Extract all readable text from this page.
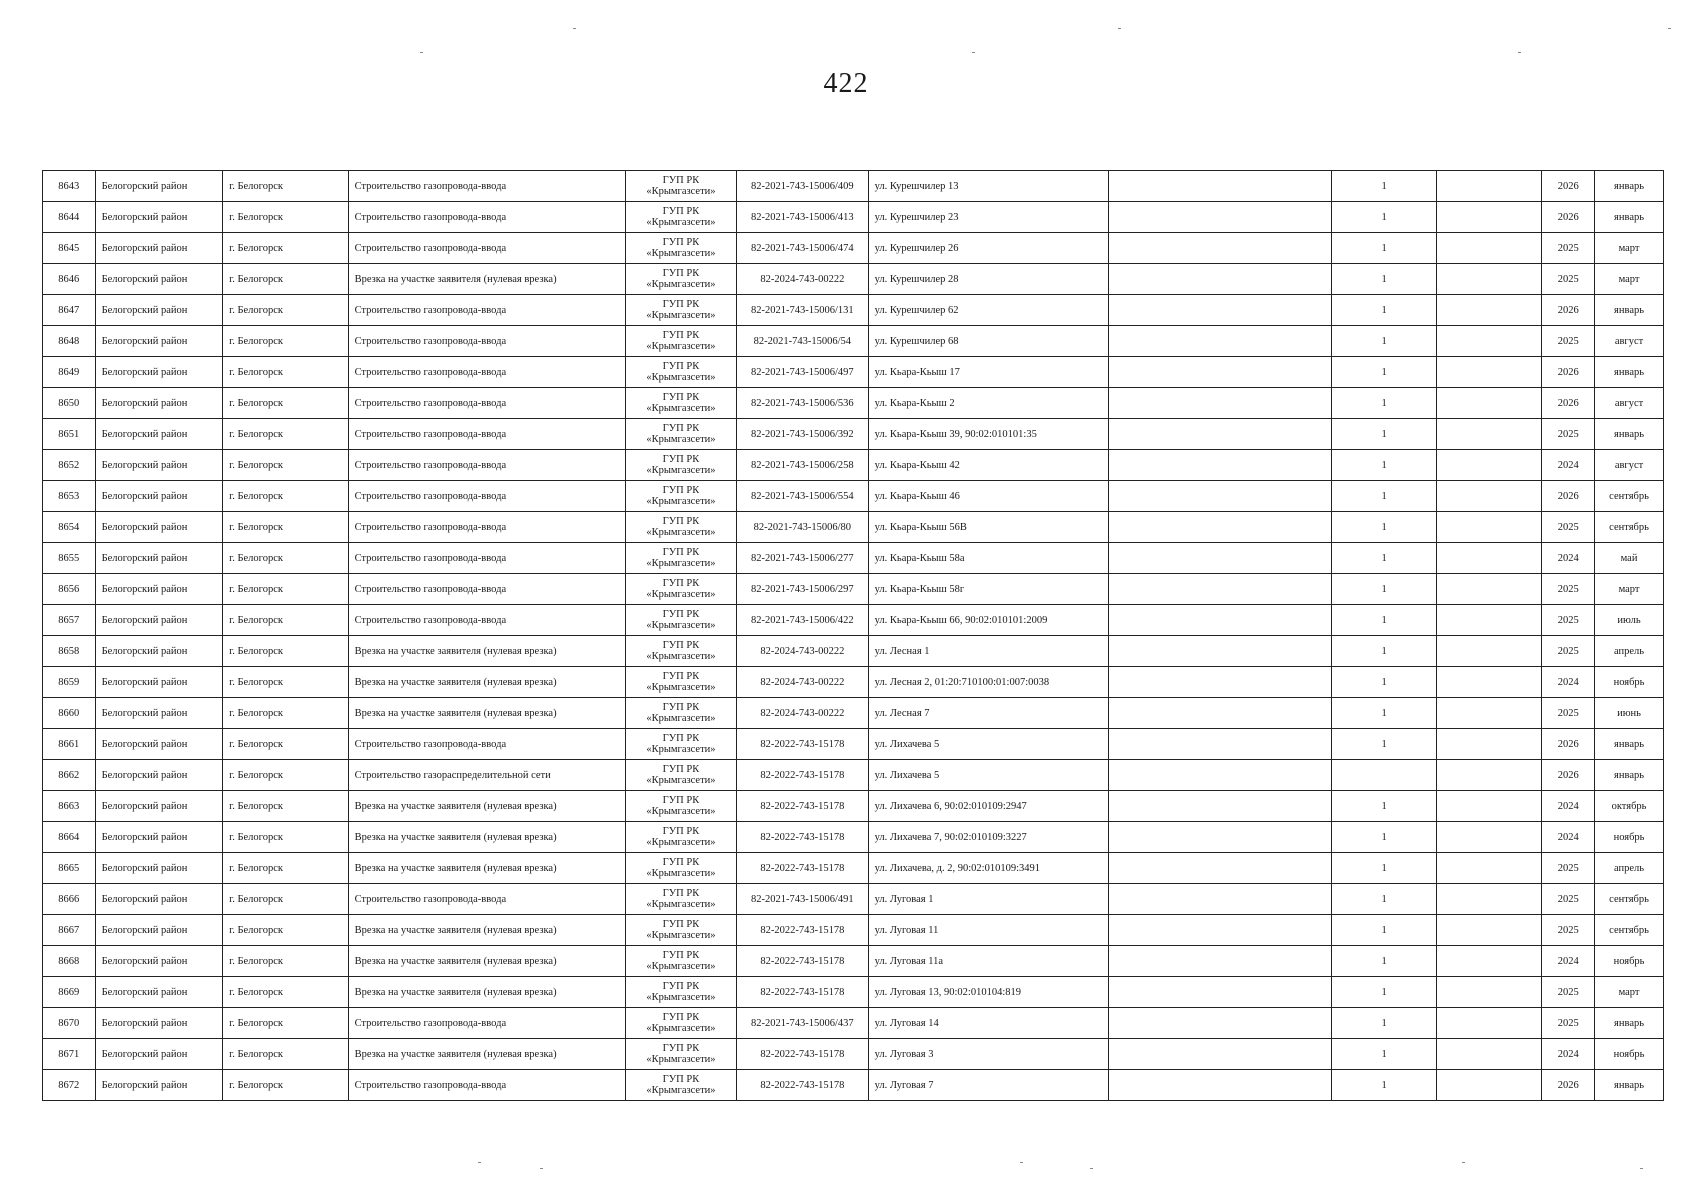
422
8643	Белогорский район	г. Белогорск	Строительство газопровода-ввода	ГУП РК
«Крымгазсети»	82-2021-743-15006/409	ул. Курешчилер 13		1		2026	январь
8644	Белогорский район	г. Белогорск	Строительство газопровода-ввода	ГУП РК
«Крымгазсети»	82-2021-743-15006/413	ул. Курешчилер 23		1		2026	январь
8645	Белогорский район	г. Белогорск	Строительство газопровода-ввода	ГУП РК
«Крымгазсети»	82-2021-743-15006/474	ул. Курешчилер 26		1		2025	март
8646	Белогорский район	г. Белогорск	Врезка на участке заявителя (нулевая врезка)	ГУП РК
«Крымгазсети»	82-2024-743-00222	ул. Курешчилер 28		1		2025	март
8647	Белогорский район	г. Белогорск	Строительство газопровода-ввода	ГУП РК
«Крымгазсети»	82-2021-743-15006/131	ул. Курешчилер 62		1		2026	январь
8648	Белогорский район	г. Белогорск	Строительство газопровода-ввода	ГУП РК
«Крымгазсети»	82-2021-743-15006/54	ул. Курешчилер 68		1		2025	август
8649	Белогорский район	г. Белогорск	Строительство газопровода-ввода	ГУП РК
«Крымгазсети»	82-2021-743-15006/497	ул. Кьара-Кьыш 17		1		2026	январь
8650	Белогорский район	г. Белогорск	Строительство газопровода-ввода	ГУП РК
«Крымгазсети»	82-2021-743-15006/536	ул. Кьара-Кьыш 2		1		2026	август
8651	Белогорский район	г. Белогорск	Строительство газопровода-ввода	ГУП РК
«Крымгазсети»	82-2021-743-15006/392	ул. Кьара-Кьыш 39, 90:02:010101:35		1		2025	январь
8652	Белогорский район	г. Белогорск	Строительство газопровода-ввода	ГУП РК
«Крымгазсети»	82-2021-743-15006/258	ул. Кьара-Кьыш 42		1		2024	август
8653	Белогорский район	г. Белогорск	Строительство газопровода-ввода	ГУП РК
«Крымгазсети»	82-2021-743-15006/554	ул. Кьара-Кьыш 46		1		2026	сентябрь
8654	Белогорский район	г. Белогорск	Строительство газопровода-ввода	ГУП РК
«Крымгазсети»	82-2021-743-15006/80	ул. Кьара-Кьыш 56В		1		2025	сентябрь
8655	Белогорский район	г. Белогорск	Строительство газопровода-ввода	ГУП РК
«Крымгазсети»	82-2021-743-15006/277	ул. Кьара-Кьыш 58а		1		2024	май
8656	Белогорский район	г. Белогорск	Строительство газопровода-ввода	ГУП РК
«Крымгазсети»	82-2021-743-15006/297	ул. Кьара-Кьыш 58г		1		2025	март
8657	Белогорский район	г. Белогорск	Строительство газопровода-ввода	ГУП РК
«Крымгазсети»	82-2021-743-15006/422	ул. Кьара-Кьыш 66, 90:02:010101:2009		1		2025	июль
8658	Белогорский район	г. Белогорск	Врезка на участке заявителя (нулевая врезка)	ГУП РК
«Крымгазсети»	82-2024-743-00222	ул. Лесная 1		1		2025	апрель
8659	Белогорский район	г. Белогорск	Врезка на участке заявителя (нулевая врезка)	ГУП РК
«Крымгазсети»	82-2024-743-00222	ул. Лесная 2, 01:20:710100:01:007:0038		1		2024	ноябрь
8660	Белогорский район	г. Белогорск	Врезка на участке заявителя (нулевая врезка)	ГУП РК
«Крымгазсети»	82-2024-743-00222	ул. Лесная 7		1		2025	июнь
8661	Белогорский район	г. Белогорск	Строительство газопровода-ввода	ГУП РК
«Крымгазсети»	82-2022-743-15178	ул. Лихачева 5		1		2026	январь
8662	Белогорский район	г. Белогорск	Строительство газораспределительной сети	ГУП РК
«Крымгазсети»	82-2022-743-15178	ул. Лихачева 5				2026	январь
8663	Белогорский район	г. Белогорск	Врезка на участке заявителя (нулевая врезка)	ГУП РК
«Крымгазсети»	82-2022-743-15178	ул. Лихачева 6, 90:02:010109:2947		1		2024	октябрь
8664	Белогорский район	г. Белогорск	Врезка на участке заявителя (нулевая врезка)	ГУП РК
«Крымгазсети»	82-2022-743-15178	ул. Лихачева 7, 90:02:010109:3227		1		2024	ноябрь
8665	Белогорский район	г. Белогорск	Врезка на участке заявителя (нулевая врезка)	ГУП РК
«Крымгазсети»	82-2022-743-15178	ул. Лихачева, д. 2, 90:02:010109:3491		1		2025	апрель
8666	Белогорский район	г. Белогорск	Строительство газопровода-ввода	ГУП РК
«Крымгазсети»	82-2021-743-15006/491	ул. Луговая 1		1		2025	сентябрь
8667	Белогорский район	г. Белогорск	Врезка на участке заявителя (нулевая врезка)	ГУП РК
«Крымгазсети»	82-2022-743-15178	ул. Луговая 11		1		2025	сентябрь
8668	Белогорский район	г. Белогорск	Врезка на участке заявителя (нулевая врезка)	ГУП РК
«Крымгазсети»	82-2022-743-15178	ул. Луговая 11а		1		2024	ноябрь
8669	Белогорский район	г. Белогорск	Врезка на участке заявителя (нулевая врезка)	ГУП РК
«Крымгазсети»	82-2022-743-15178	ул. Луговая 13, 90:02:010104:819		1		2025	март
8670	Белогорский район	г. Белогорск	Строительство газопровода-ввода	ГУП РК
«Крымгазсети»	82-2021-743-15006/437	ул. Луговая 14		1		2025	январь
8671	Белогорский район	г. Белогорск	Врезка на участке заявителя (нулевая врезка)	ГУП РК
«Крымгазсети»	82-2022-743-15178	ул. Луговая 3		1		2024	ноябрь
8672	Белогорский район	г. Белогорск	Строительство газопровода-ввода	ГУП РК
«Крымгазсети»	82-2022-743-15178	ул. Луговая 7		1		2026	январь
